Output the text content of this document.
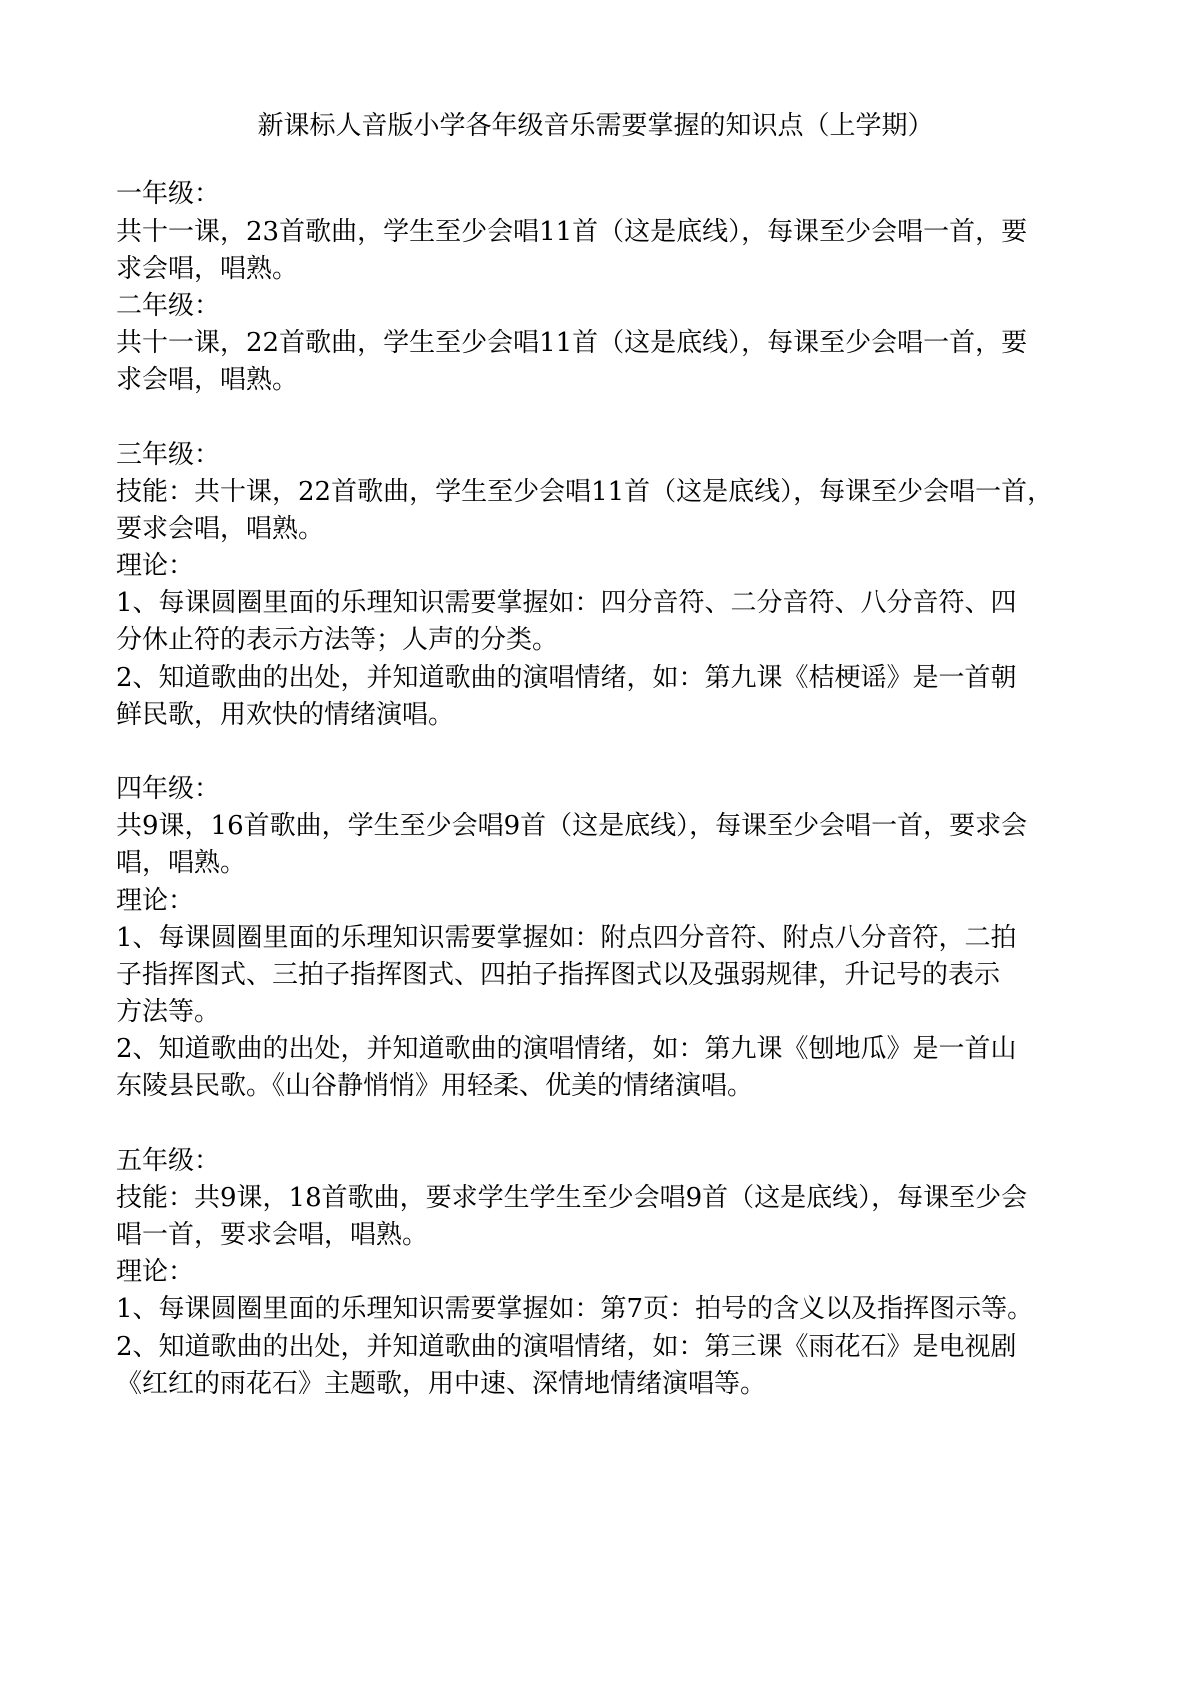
新课标人音版小学各年级音乐需要掌握的知识点（上学期）
一年级：
共十一课，23首歌曲，学生至少会唱11首（这是底线），每课至少会唱一首，要
求会唱，唱熟。
二年级：
共十一课，22首歌曲，学生至少会唱11首（这是底线），每课至少会唱一首，要
求会唱，唱熟。
三年级：
技能：共十课，22首歌曲，学生至少会唱11首（这是底线），每课至少会唱一首，
要求会唱，唱熟。
理论：
1、每课圆圈里面的乐理知识需要掌握如：四分音符、二分音符、八分音符、四
分休止符的表示方法等；人声的分类。
2、知道歌曲的出处，并知道歌曲的演唱情绪，如：第九课《桔梗谣》是一首朝
鲜民歌，用欢快的情绪演唱。
四年级：
共9课，16首歌曲，学生至少会唱9首（这是底线），每课至少会唱一首，要求会
唱，唱熟。
理论：
1、每课圆圈里面的乐理知识需要掌握如：附点四分音符、附点八分音符，二拍
子指挥图式、三拍子指挥图式、四拍子指挥图式以及强弱规律，升记号的表示
方法等。
2、知道歌曲的出处，并知道歌曲的演唱情绪，如：第九课《刨地瓜》是一首山
东陵县民歌。《山谷静悄悄》用轻柔、优美的情绪演唱。
五年级：
技能：共9课，18首歌曲，要求学生学生至少会唱9首（这是底线），每课至少会
唱一首，要求会唱，唱熟。
理论：
1、每课圆圈里面的乐理知识需要掌握如：第7页：拍号的含义以及指挥图示等。
2、知道歌曲的出处，并知道歌曲的演唱情绪，如：第三课《雨花石》是电视剧
《红红的雨花石》主题歌，用中速、深情地情绪演唱等。
